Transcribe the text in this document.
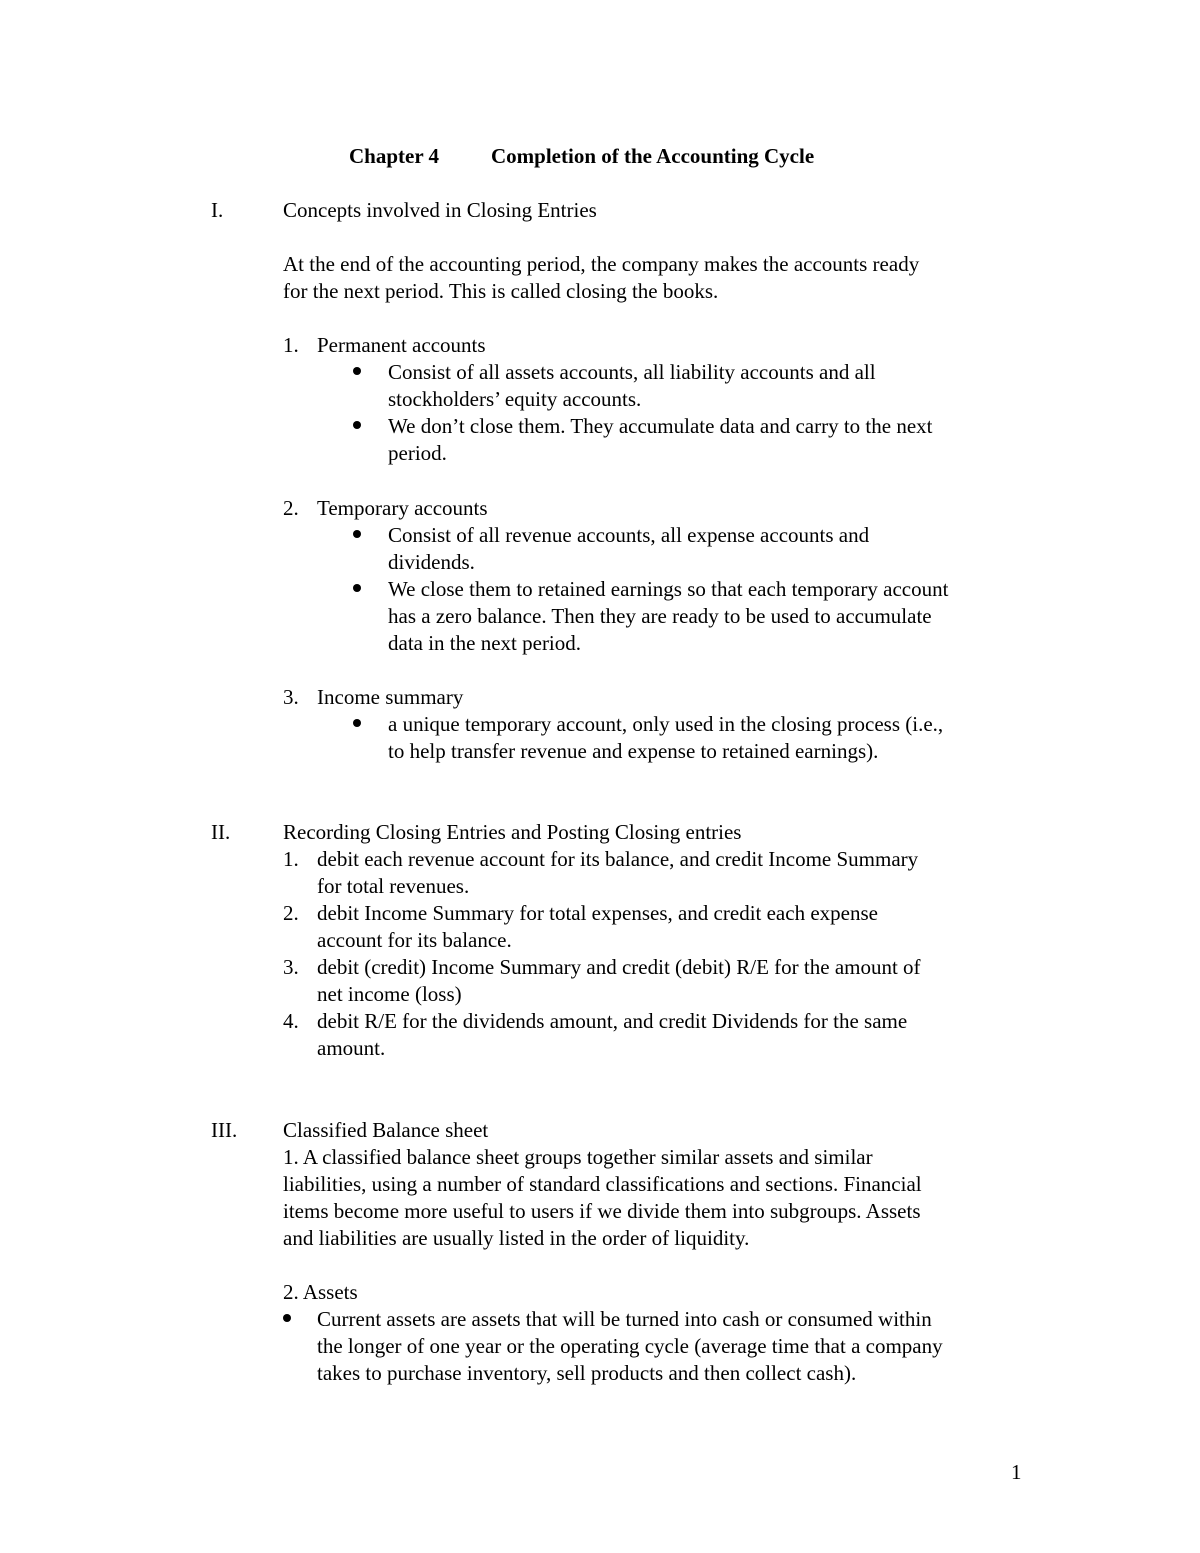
Chapter 4 Completion of the Accounting Cycle
I.	Concepts involved in Closing Entries
At the end of the accounting period, the company makes the accounts ready
for the next period. This is called closing the books.
1. Permanent accounts
Consist of all assets accounts, all liability accounts and all
stockholders’ equity accounts.
We don’t close them. They accumulate data and carry to the next
period.
2. Temporary accounts
Consist of all revenue accounts, all expense accounts and
dividends.
We close them to retained earnings so that each temporary account
has a zero balance. Then they are ready to be used to accumulate
data in the next period.
3. Income summary
a unique temporary account, only used in the closing process (i.e.,
to help transfer revenue and expense to retained earnings).
II.	Recording Closing Entries and Posting Closing entries
1. debit each revenue account for its balance, and credit Income Summary
for total revenues.
2. debit Income Summary for total expenses, and credit each expense
account for its balance.
3. debit (credit) Income Summary and credit (debit) R/E for the amount of
net income (loss)
4. debit R/E for the dividends amount, and credit Dividends for the same
amount.
III. Classified Balance sheet
1. A classified balance sheet groups together similar assets and similar
liabilities, using a number of standard classifications and sections. Financial
items become more useful to users if we divide them into subgroups. Assets
and liabilities are usually listed in the order of liquidity.
2. Assets
Current assets are assets that will be turned into cash or consumed within
the longer of one year or the operating cycle (average time that a company
takes to purchase inventory, sell products and then collect cash).
1
